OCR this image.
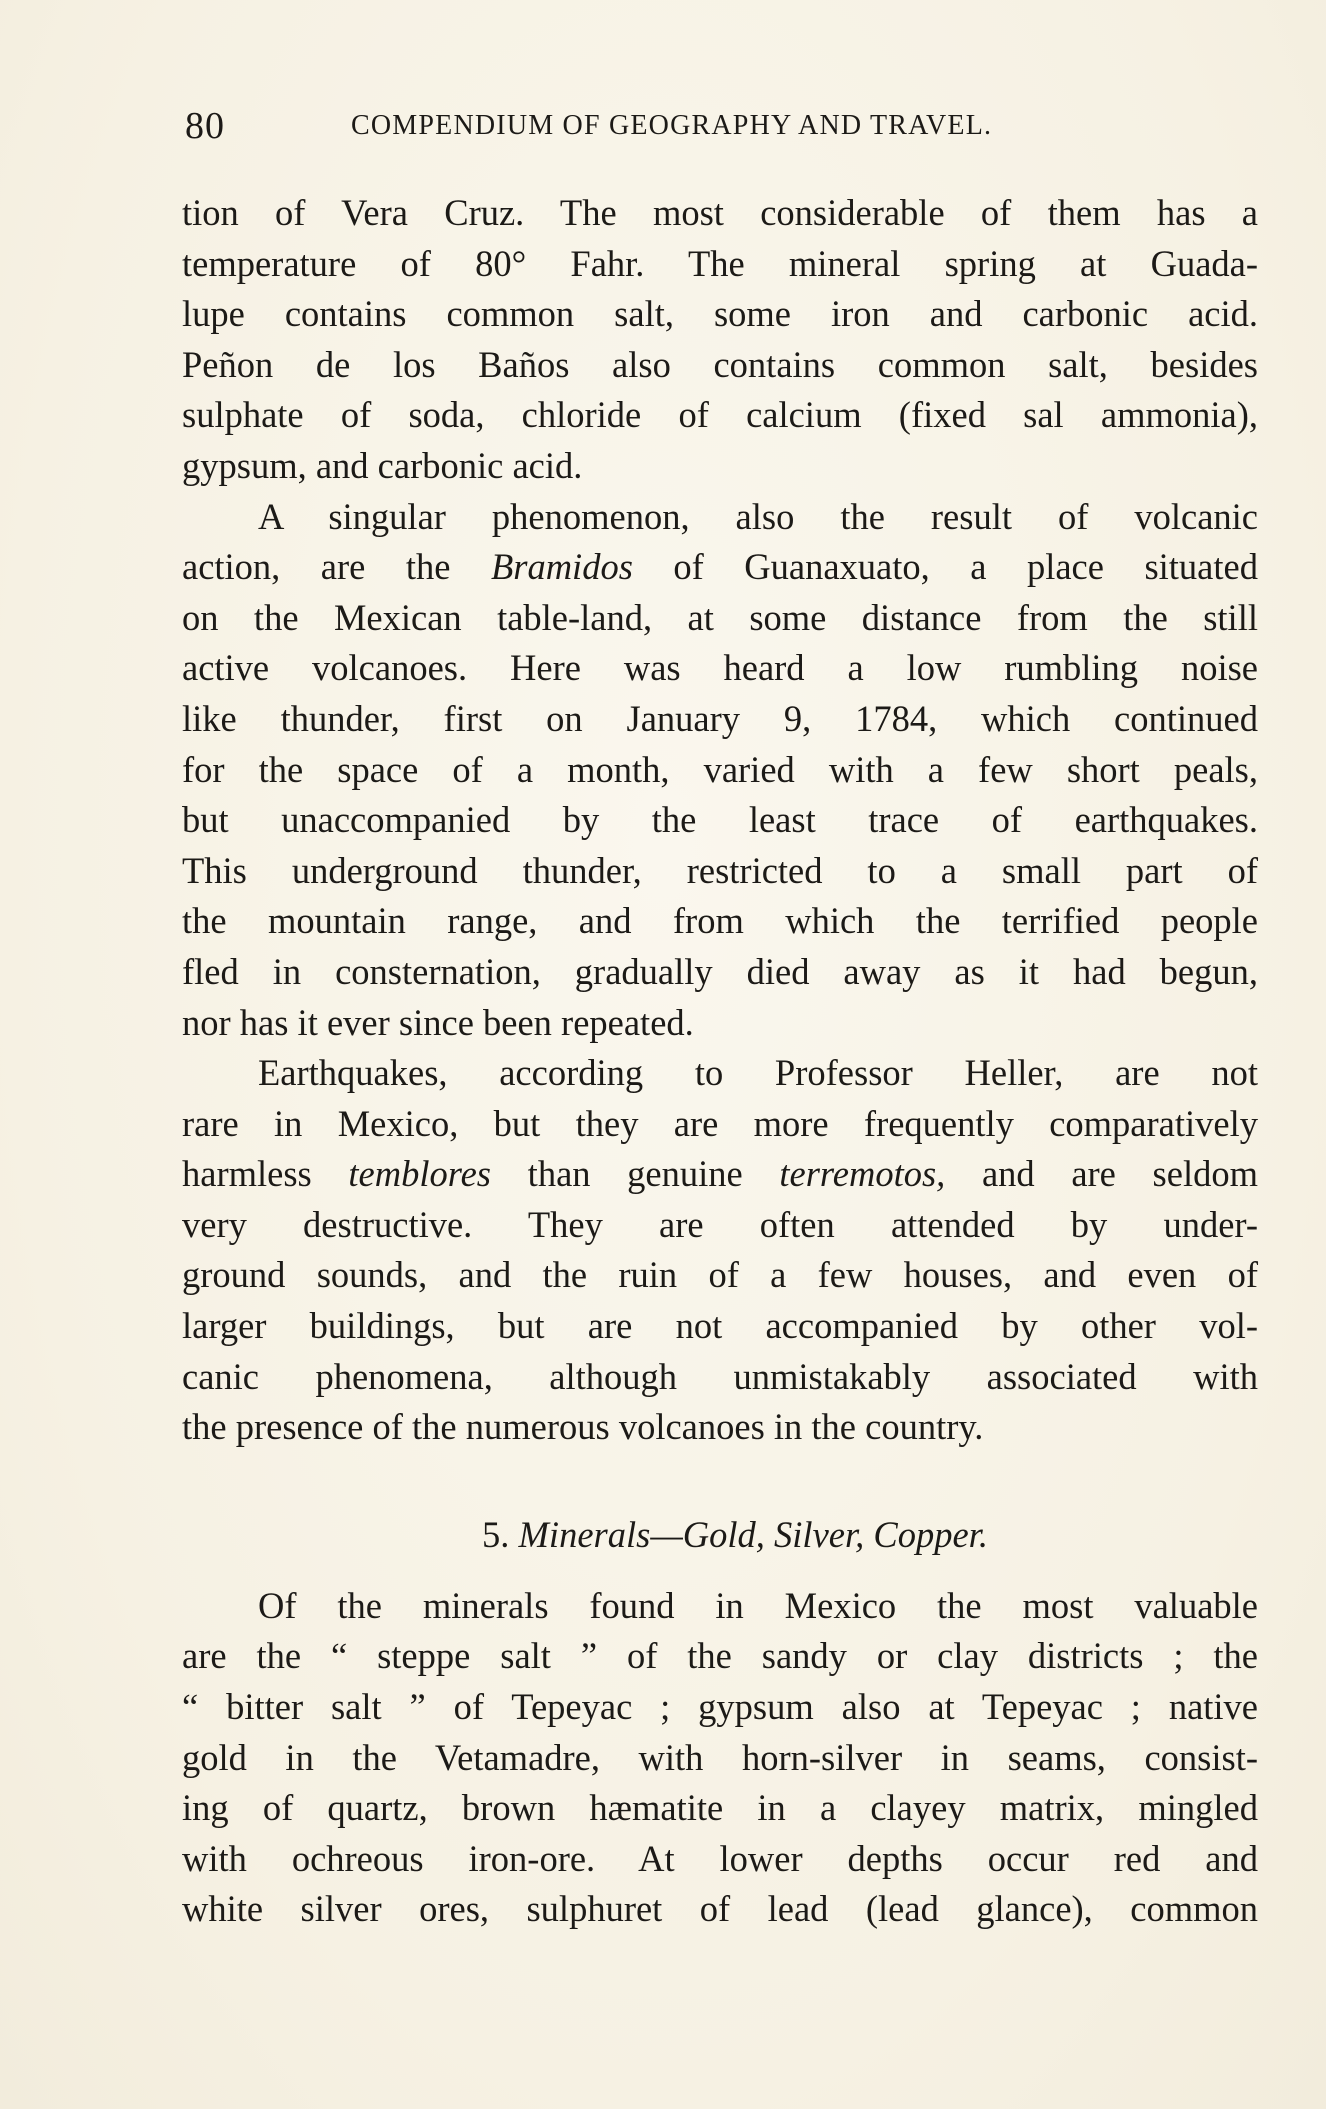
80	COMPENDIUM OF GEOGRAPHY AND TRAVEL.
tion of Vera Cruz. The most considerable of them has a
temperature of 80° Fahr. The mineral spring at Guada-
lupe contains common salt, some iron and carbonic acid.
Peñon de los Baños also contains common salt, besides
sulphate of soda, chloride of calcium (fixed sal ammonia),
gypsum, and carbonic acid.
A singular phenomenon, also the result of volcanic
action, are the Bramidos of Guanaxuato, a place situated
on the Mexican table-land, at some distance from the still
active volcanoes. Here was heard a low rumbling noise
like thunder, first on January 9, 1784, which continued
for the space of a month, varied with a few short peals,
but unaccompanied by the least trace of earthquakes.
This underground thunder, restricted to a small part of
the mountain range, and from which the terrified people
fled in consternation, gradually died away as it had begun,
nor has it ever since been repeated.
Earthquakes, according to Professor Heller, are not
rare in Mexico, but they are more frequently comparatively
harmless temblores than genuine terremotos, and are seldom
very destructive. They are often attended by under-
ground sounds, and the ruin of a few houses, and even of
larger buildings, but are not accompanied by other vol-
canic phenomena, although unmistakably associated with
the presence of the numerous volcanoes in the country.
5. Minerals—Gold, Silver, Copper.
Of the minerals found in Mexico the most valuable
are the “ steppe salt ” of the sandy or clay districts ; the
“ bitter salt ” of Tepeyac ; gypsum also at Tepeyac ; native
gold in the Vetamadre, with horn-silver in seams, consist-
ing of quartz, brown hæmatite in a clayey matrix, mingled
with ochreous iron-ore. At lower depths occur red and
white silver ores, sulphuret of lead (lead glance), common
